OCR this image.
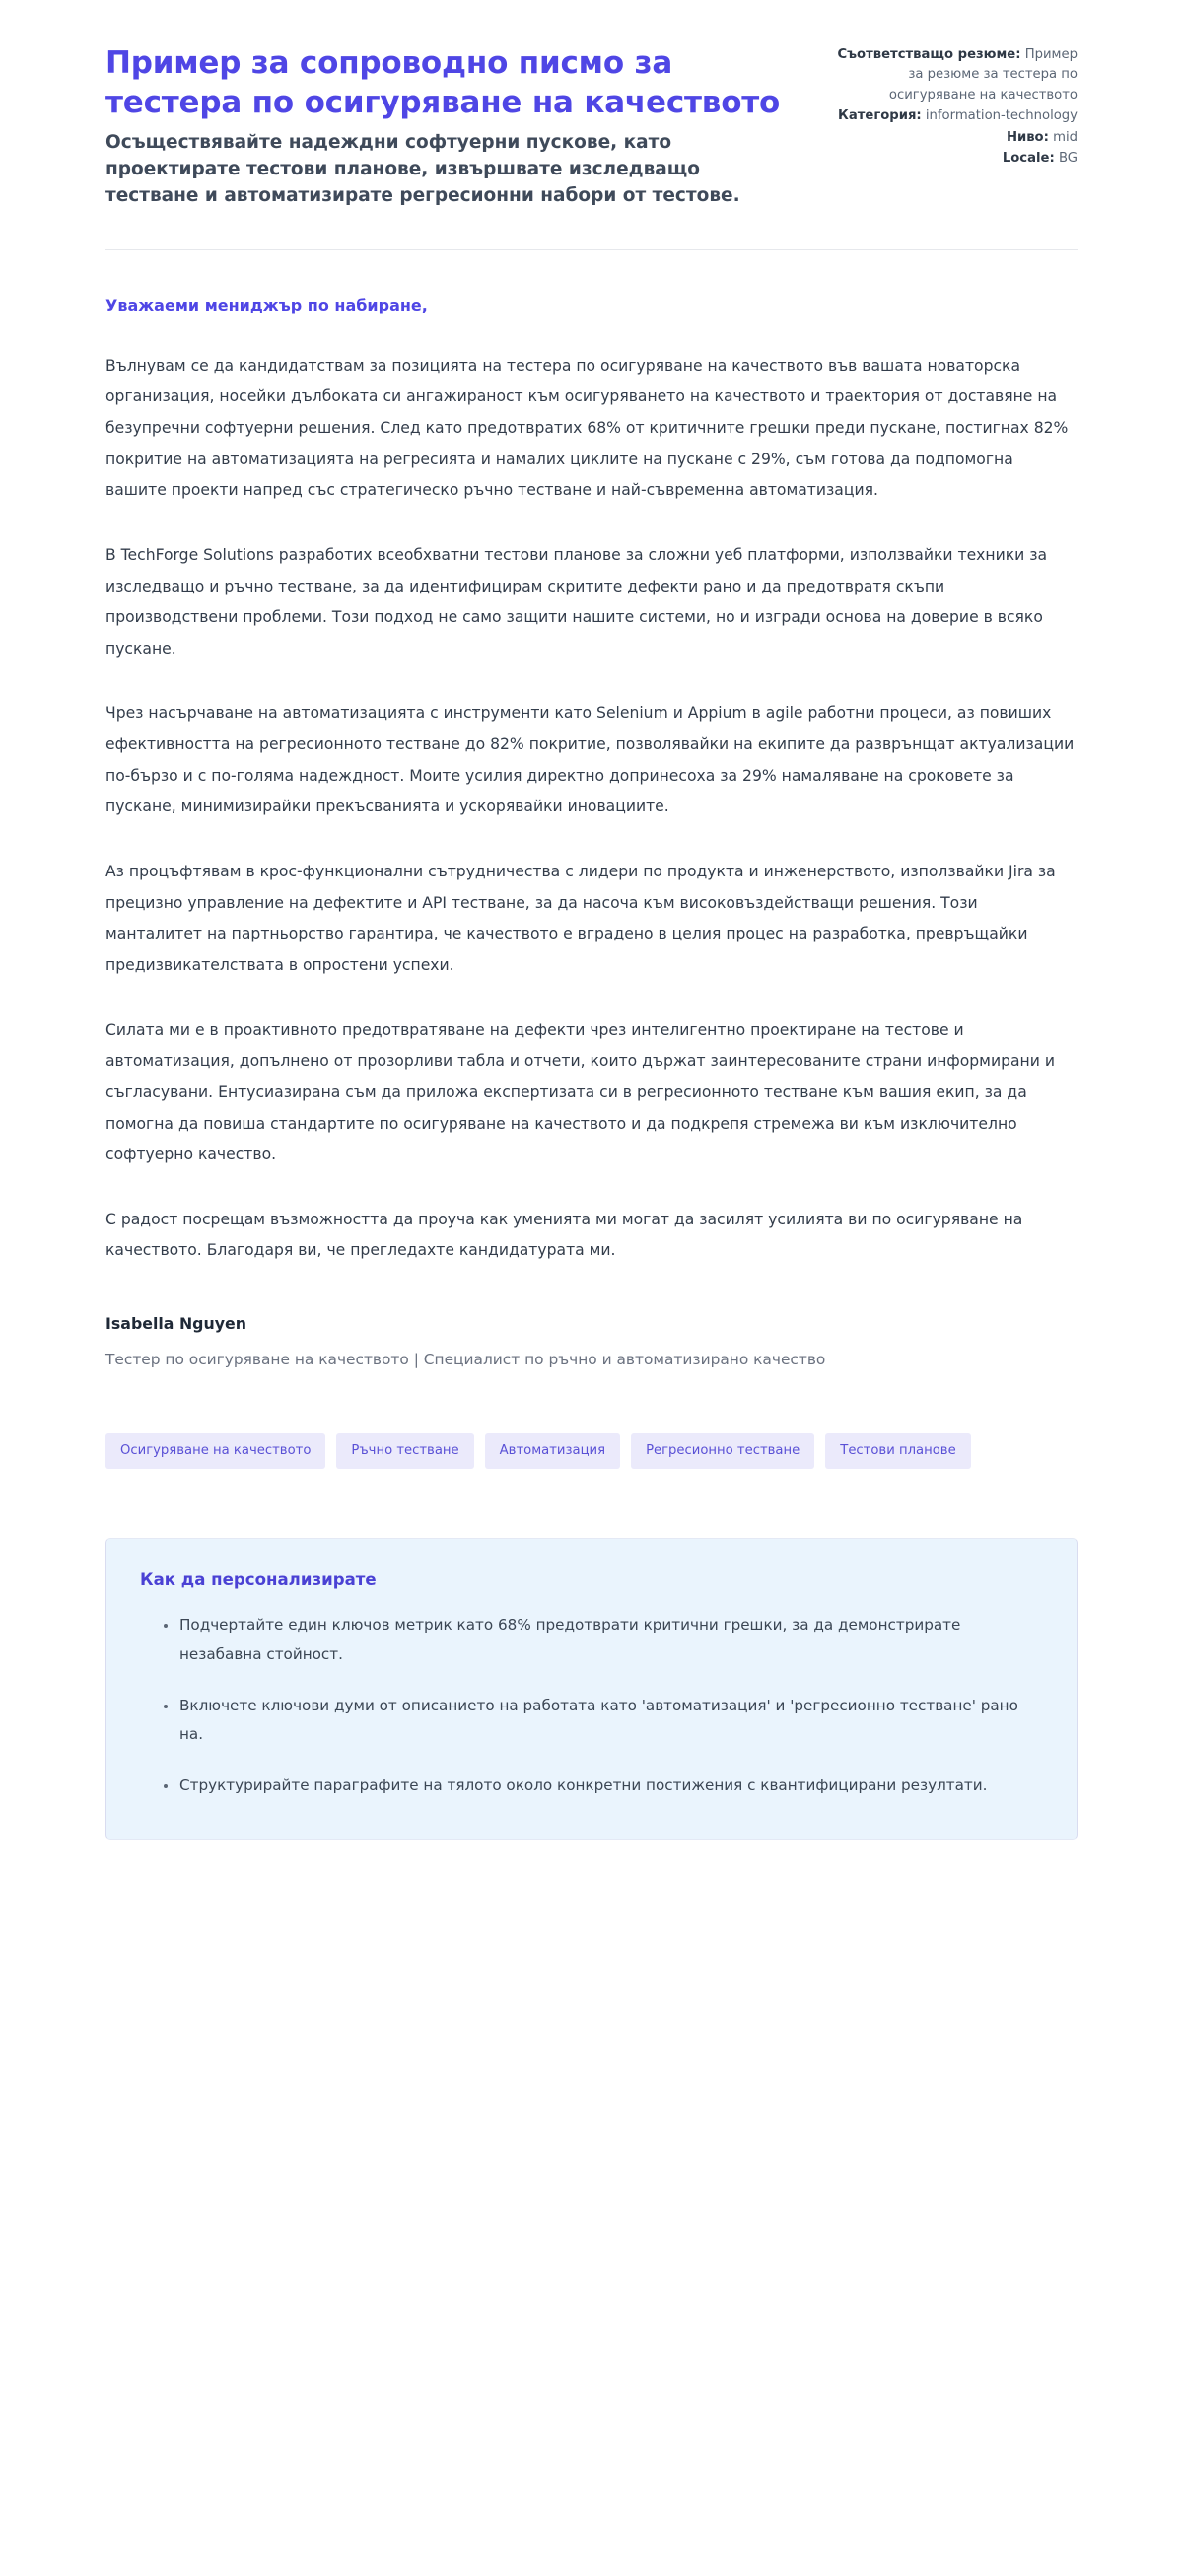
Пример за сопроводно писмо за тестера по осигуряване на качеството

Осъществявайте надеждни софтуерни пускове, като проектирате тестови планове, извършвате изследващо тестване и автоматизирате регресионни набори от тестове.

Съответстващо резюме: Пример за резюме за тестера по осигуряване на качеството
Категория: information-technology
Ниво: mid
Locale: BG

Уважаеми мениджър по набиране,

Вълнувам се да кандидатствам за позицията на тестера по осигуряване на качеството във вашата новаторска организация, носейки дълбоката си ангажираност към осигуряването на качеството и траектория от доставяне на безупречни софтуерни решения. След като предотвратих 68% от критичните грешки преди пускане, постигнах 82% покритие на автоматизацията на регресията и намалих циклите на пускане с 29%, съм готова да подпомогна вашите проекти напред със стратегическо ръчно тестване и най-съвременна автоматизация.

В TechForge Solutions разработих всеобхватни тестови планове за сложни уеб платформи, използвайки техники за изследващо и ръчно тестване, за да идентифицирам скритите дефекти рано и да предотвратя скъпи производствени проблеми. Този подход не само защити нашите системи, но и изгради основа на доверие в всяко пускане.

Чрез насърчаване на автоматизацията с инструменти като Selenium и Appium в agile работни процеси, аз повиших ефективността на регресионното тестване до 82% покритие, позволявайки на екипите да разврънщат актуализации по-бързо и с по-голяма надеждност. Моите усилия директно допринесоха за 29% намаляване на сроковете за пускане, минимизирайки прекъсванията и ускорявайки иновациите.

Аз процъфтявам в крос-функционални сътрудничества с лидери по продукта и инженерството, използвайки Jira за прецизно управление на дефектите и API тестване, за да насоча към високовъздействащи решения. Този манталитет на партньорство гарантира, че качеството е вградено в целия процес на разработка, превръщайки предизвикателствата в опростени успехи.

Силата ми е в проактивното предотвратяване на дефекти чрез интелигентно проектиране на тестове и автоматизация, допълнено от прозорливи табла и отчети, които държат заинтересованите страни информирани и съгласувани. Ентусиазирана съм да приложа експертизата си в регресионното тестване към вашия екип, за да помогна да повиша стандартите по осигуряване на качеството и да подкрепя стремежа ви към изключително софтуерно качество.

С радост посрещам възможността да проуча как уменията ми могат да засилят усилията ви по осигуряване на качеството. Благодаря ви, че прегледахте кандидатурата ми.

Isabella Nguyen

Тестер по осигуряване на качеството | Специалист по ръчно и автоматизирано качество

Осигуряване на качеството	Ръчно тестване	Автоматизация	Регресионно тестване	Тестови планове
Как да персонализирате
Подчертайте един ключов метрик като 68% предотврати критични грешки, за да демонстрирате незабавна стойност.
Включете ключови думи от описанието на работата като 'автоматизация' и 'регресионно тестване' рано на.
Структурирайте параграфите на тялото около конкретни постижения с квантифицирани резултати.
